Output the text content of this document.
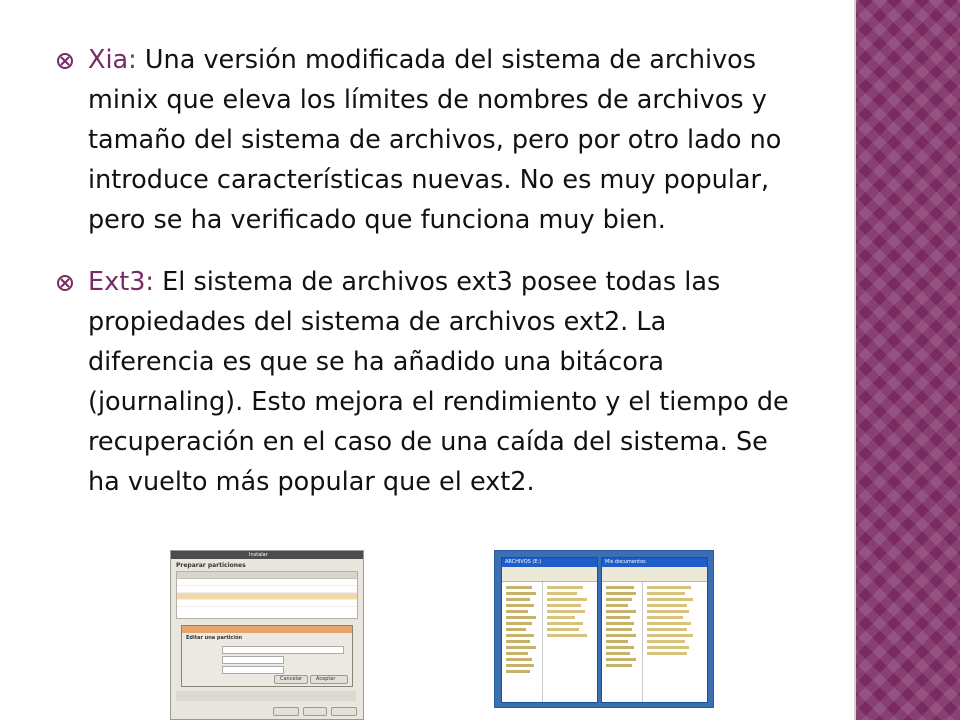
Xia: Una versión modificada del sistema de archivos minix que eleva los límites de nombres de archivos y tamaño del sistema de archivos, pero por otro lado no introduce características nuevas. No es muy popular, pero se ha verificado que funciona muy bien.
Ext3: El sistema de archivos ext3 posee todas las propiedades del sistema de archivos ext2. La diferencia es que se ha añadido una bitácora (journaling). Esto mejora el rendimiento y el tiempo de recuperación en el caso de una caída del sistema. Se ha vuelto más popular que el ext2.
Instalar
Preparar particiones
Editar una partición
Cancelar	Aceptar
ARCHIVOS (E:)	Mis documentos
